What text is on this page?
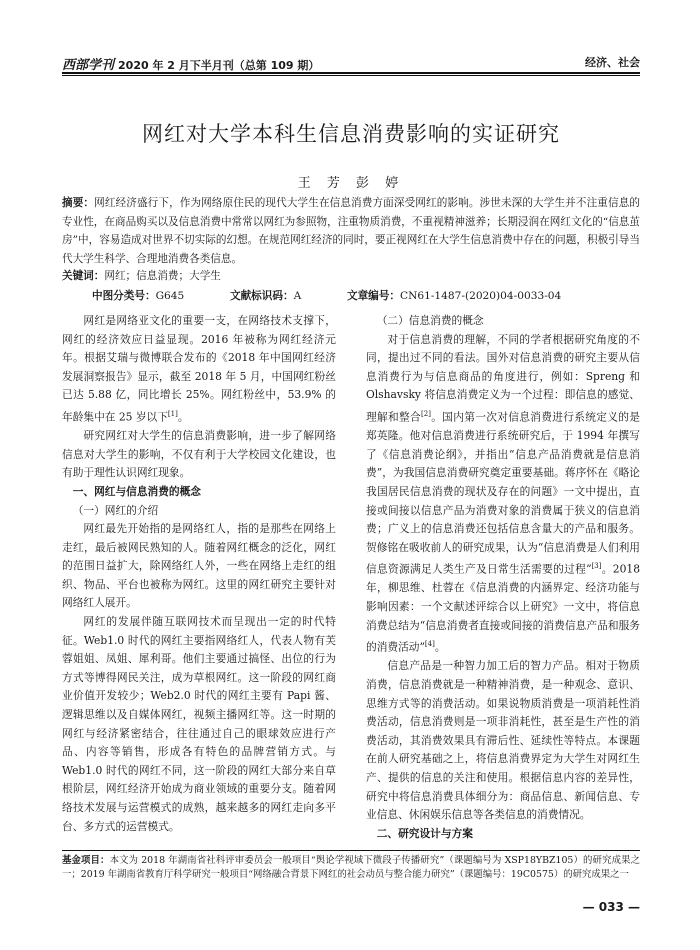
西部学刊 2020 年 2 月下半月刊（总第 109 期）	经济、社会
网红对大学本科生信息消费影响的实证研究
王 芳 彭 婷
摘要：网红经济盛行下，作为网络原住民的现代大学生在信息消费方面深受网红的影响。涉世未深的大学生并不注重信息的专业性，在商品购买以及信息消费中常常以网红为参照物，注重物质消费，不重视精神滋养；长期浸润在网红文化的“信息茧房”中，容易造成对世界不切实际的幻想。在规范网红经济的同时，要正视网红在大学生信息消费中存在的问题，积极引导当代大学生科学、合理地消费各类信息。
关键词：网红；信息消费；大学生
中图分类号：G645	文献标识码：A	文章编号：CN61-1487-(2020)04-0033-04

网红是网络亚文化的重要一支，在网络技术支撑下，网红的经济效应日益显现。2016 年被称为网红经济元年。根据艾瑞与微博联合发布的《2018 年中国网红经济发展洞察报告》显示，截至 2018 年 5 月，中国网红粉丝已达 5.88 亿，同比增长 25%。网红粉丝中，53.9% 的年龄集中在 25 岁以下[1]。

研究网红对大学生的信息消费影响，进一步了解网络信息对大学生的影响，不仅有利于大学校园文化建设，也有助于理性认识网红现象。

一、网红与信息消费的概念

（一）网红的介绍

网红最先开始指的是网络红人，指的是那些在网络上走红，最后被网民熟知的人。随着网红概念的泛化，网红的范围日益扩大，除网络红人外，一些在网络上走红的组织、物品、平台也被称为网红。这里的网红研究主要针对网络红人展开。

网红的发展伴随互联网技术而呈现出一定的时代特征。Web1.0 时代的网红主要指网络红人，代表人物有芙蓉姐姐、凤姐、犀利哥。他们主要通过搞怪、出位的行为方式等博得网民关注，成为草根网红。这一阶段的网红商业价值开发较少；Web2.0 时代的网红主要有 Papi 酱、逻辑思维以及自媒体网红，视频主播网红等。这一时期的网红与经济紧密结合，往往通过自己的眼球效应进行产品、内容等销售，形成各有特色的品牌营销方式。与 Web1.0 时代的网红不同，这一阶段的网红大部分来自草根阶层，网红经济开始成为商业领域的重要分支。随着网络技术发展与运营模式的成熟，越来越多的网红走向多平台、多方式的运营模式。

（二）信息消费的概念

对于信息消费的理解，不同的学者根据研究角度的不同，提出过不同的看法。国外对信息消费的研究主要从信息消费行为与信息商品的角度进行，例如：Spreng 和 Olshavsky 将信息消费定义为一个过程：即信息的感觉、理解和整合[2]。国内第一次对信息消费进行系统定义的是郑英隆。他对信息消费进行系统研究后，于 1994 年撰写了《信息消费论纲》，并指出“信息产品消费就是信息消费”，为我国信息消费研究奠定重要基础。蒋序怀在《略论我国居民信息消费的现状及存在的问题》一文中提出，直接或间接以信息产品为消费对象的消费属于狭义的信息消费；广义上的信息消费还包括信息含量大的产品和服务。贺修铭在吸收前人的研究成果，认为“信息消费是人们利用信息资源满足人类生产及日常生活需要的过程”[3]。2018 年，柳思维、杜蓉在《信息消费的内涵界定、经济功能与影响因素：一个文献述评综合以上研究》一文中，将信息消费总结为“信息消费者直接或间接的消费信息产品和服务的消费活动”[4]。

信息产品是一种智力加工后的智力产品。相对于物质消费，信息消费就是一种精神消费，是一种观念、意识、思维方式等的消费活动。如果说物质消费是一项消耗性消费活动，信息消费则是一项非消耗性，甚至是生产性的消费活动，其消费效果具有滞后性、延续性等特点。本课题在前人研究基础之上，将信息消费界定为大学生对网红生产、提供的信息的关注和使用。根据信息内容的差异性，研究中将信息消费具体细分为：商品信息、新闻信息、专业信息、休闲娱乐信息等各类信息的消费情况。

二、研究设计与方案

基金项目：本文为 2018 年湖南省社科评审委员会一般项目“舆论学视域下微段子传播研究”（课题编号为 XSP18YBZ105）的研究成果之一；2019 年湖南省教育厅科学研究一般项目“网络融合背景下网红的社会动员与整合能力研究”（课题编号：19C0575）的研究成果之一
— 033 —
